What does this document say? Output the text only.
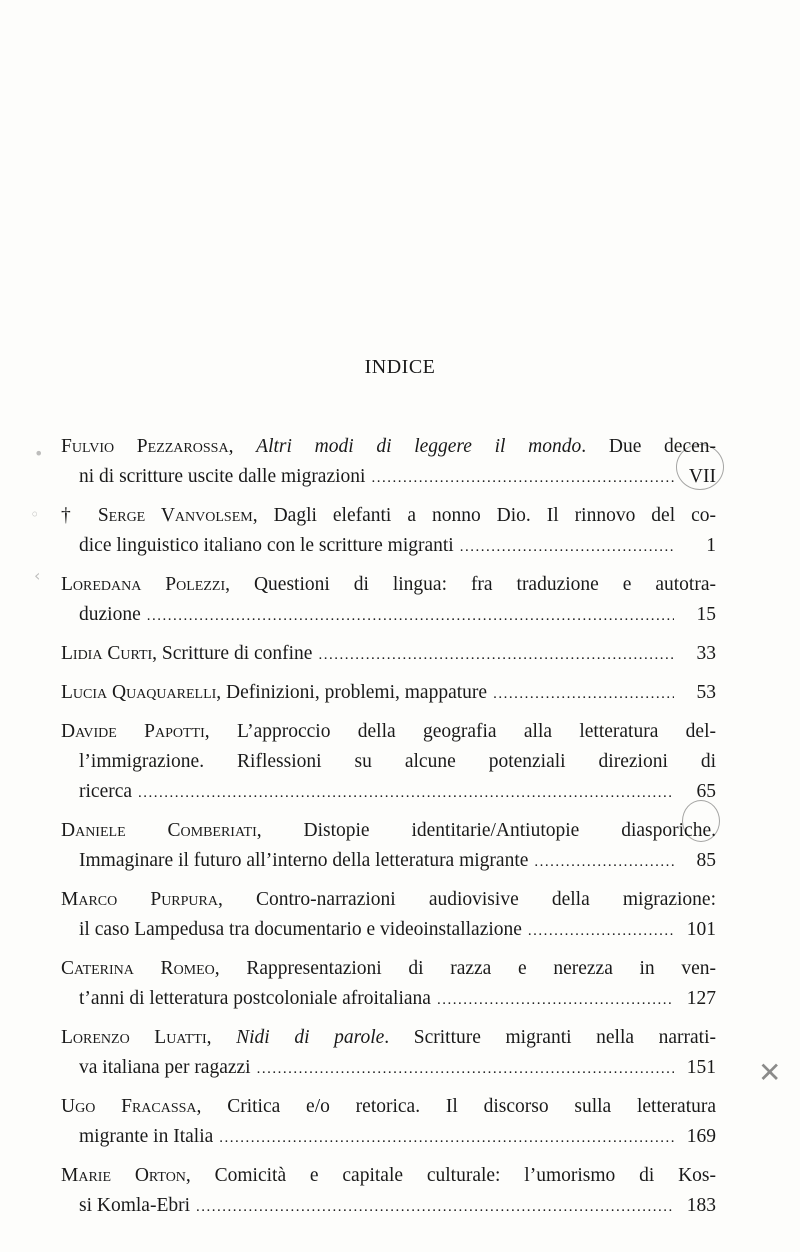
INDICE
Fulvio Pezzarossa, Altri modi di leggere il mondo. Due decen-
ni di scritture uscite dalle migrazioni .....	VII
† Serge Vanvolsem, Dagli elefanti a nonno Dio. Il rinnovo del co-
dice linguistico italiano con le scritture migranti .....	1
Loredana Polezzi, Questioni di lingua: fra traduzione e autotra-
duzione .....	15
Lidia Curti, Scritture di confine .....	33
Lucia Quaquarelli, Definizioni, problemi, mappature .....	53
Davide Papotti, L’approccio della geografia alla letteratura del-
l’immigrazione. Riflessioni su alcune potenziali direzioni di
ricerca .....	65
Daniele Comberiati, Distopie identitarie/Antiutopie diasporiche.
Immaginare il futuro all’interno della letteratura migrante .....	85
Marco Purpura, Contro-narrazioni audiovisive della migrazione:
il caso Lampedusa tra documentario e videoinstallazione .....	101
Caterina Romeo, Rappresentazioni di razza e nerezza in ven-
t’anni di letteratura postcoloniale afroitaliana .....	127
Lorenzo Luatti, Nidi di parole. Scritture migranti nella narrati-
va italiana per ragazzi .....	151
Ugo Fracassa, Critica e/o retorica. Il discorso sulla letteratura
migrante in Italia .....	169
Marie Orton, Comicità e capitale culturale: l’umorismo di Kos-
si Komla-Ebri .....	183
•
◦
‹
✕
